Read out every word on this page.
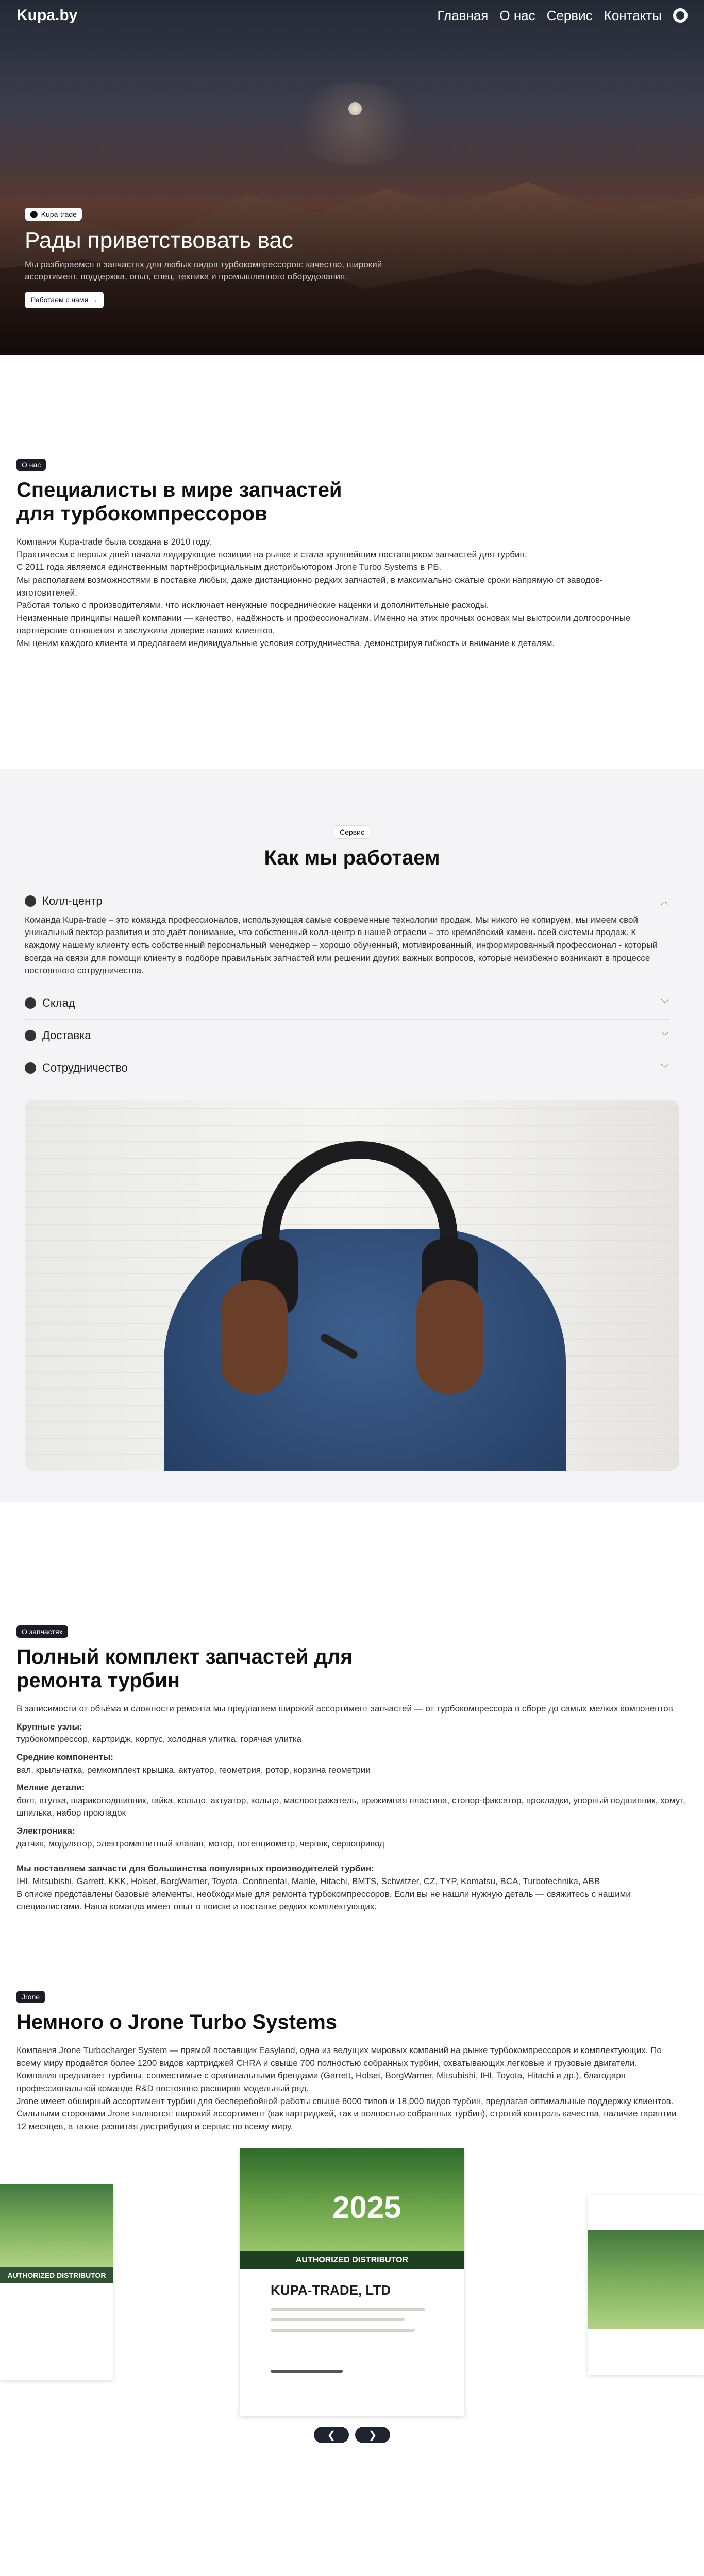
Kupa.by	Главная О нас Сервис Контакты
⬤ Kupa-trade
Рады приветствовать вас

Мы разбираемся в запчастях для любых видов турбокомпрессоров: качество, широкий ассортимент, поддержка, опыт, спец. техника и промышленного оборудования.

Работаем с нами →
О нас
Специалисты в мире запчастей
для турбокомпрессоров

Компания Kupa-trade была создана в 2010 году.

Практически с первых дней начала лидирующие позиции на рынке и стала крупнейшим поставщиком запчастей для турбин.

С 2011 года являемся единственным партнёрофициальным дистрибьютором Jrone Turbo Systems в РБ.

Мы располагаем возможностями в поставке любых, даже дистанционно редких запчастей, в максимально сжатые сроки напрямую от заводов-изготовителей.

Работая только с производителями, что исключает ненужные посреднические наценки и дополнительные расходы.

Неизменные принципы нашей компании — качество, надёжность и профессионализм. Именно на этих прочных основах мы выстроили долгосрочные партнёрские отношения и заслужили доверие наших клиентов.

Мы ценим каждого клиента и предлагаем индивидуальные условия сотрудничества, демонстрируя гибкость и внимание к деталям.

Сервис
Как мы работаем
Колл-центр	︿

Команда Kupa-trade – это команда профессионалов, использующая самые современные технологии продаж. Мы никого не копируем, мы имеем свой уникальный вектор развития и это даёт понимание, что собственный колл-центр в нашей отрасли – это кремлёвский камень всей системы продаж. К каждому нашему клиенту есть собственный персональный менеджер – хорошо обученный, мотивированный, информированный профессионал - который всегда на связи для помощи клиенту в подборе правильных запчастей или решении других важных вопросов, которые неизбежно возникают в процессе постоянного сотрудничества.

Склад	﹀
Доставка	﹀
Сотрудничество	﹀
О запчастях
Полный комплект запчастей для
ремонта турбин

В зависимости от объёма и сложности ремонта мы предлагаем широкий ассортимент запчастей — от турбокомпрессора в сборе до самых мелких компонентов

Крупные узлы:

турбокомпрессор, картридж, корпус, холодная улитка, горячая улитка

Средние компоненты:

вал, крыльчатка, ремкомплект крышка, актуатор, геометрия, ротор, корзина геометрии

Мелкие детали:

болт, втулка, шарикоподшипник, гайка, кольцо, актуатор, кольцо, маслоотражатель, прижимная пластина, стопор-фиксатор, прокладки, упорный подшипник, хомут, шпилька, набор прокладок

Электроника:

датчик, модулятор, электромагнитный клапан, мотор, потенциометр, червяк, сервопривод

Мы поставляем запчасти для большинства популярных производителей турбин:

IHI, Mitsubishi, Garrett, KKK, Holset, BorgWarner, Toyota, Continental, Mahle, Hitachi, BMTS, Schwitzer, CZ, TYP, Komatsu, BCA, Turbotechnika, ABB

В списке представлены базовые элементы, необходимые для ремонта турбокомпрессоров. Если вы не нашли нужную деталь — свяжитесь с нашими специалистами. Наша команда имеет опыт в поиске и поставке редких комплектующих.

Jrone
Немного о Jrone Turbo Systems

Компания Jrone Turbocharger System — прямой поставщик Easyland, одна из ведущих мировых компаний на рынке турбокомпрессоров и комплектующих. По всему миру продаётся более 1200 видов картриджей CHRA и свыше 700 полностью собранных турбин, охватывающих легковые и грузовые двигатели.

Компания предлагает турбины, совместимые с оригинальными брендами (Garrett, Holset, BorgWarner, Mitsubishi, IHI, Toyota, Hitachi и др.), благодаря профессиональной команде R&D постоянно расширяя модельный ряд.

Jrone имеет обширный ассортимент турбин для бесперебойной работы свыше 6000 типов и 18,000 видов турбин, предлагая оптимальные поддержку клиентов.

Сильными сторонами Jrone являются: широкий ассортимент (как картриджей, так и полностью собранных турбин), строгий контроль качества, наличие гарантии 12 месяцев, а также развитая дистрибуция и сервис по всему миру.

AUTHORIZED DISTRIBUTOR
2025
AUTHORIZED DISTRIBUTOR
KUPA-TRADE, LTD
❮	❯
